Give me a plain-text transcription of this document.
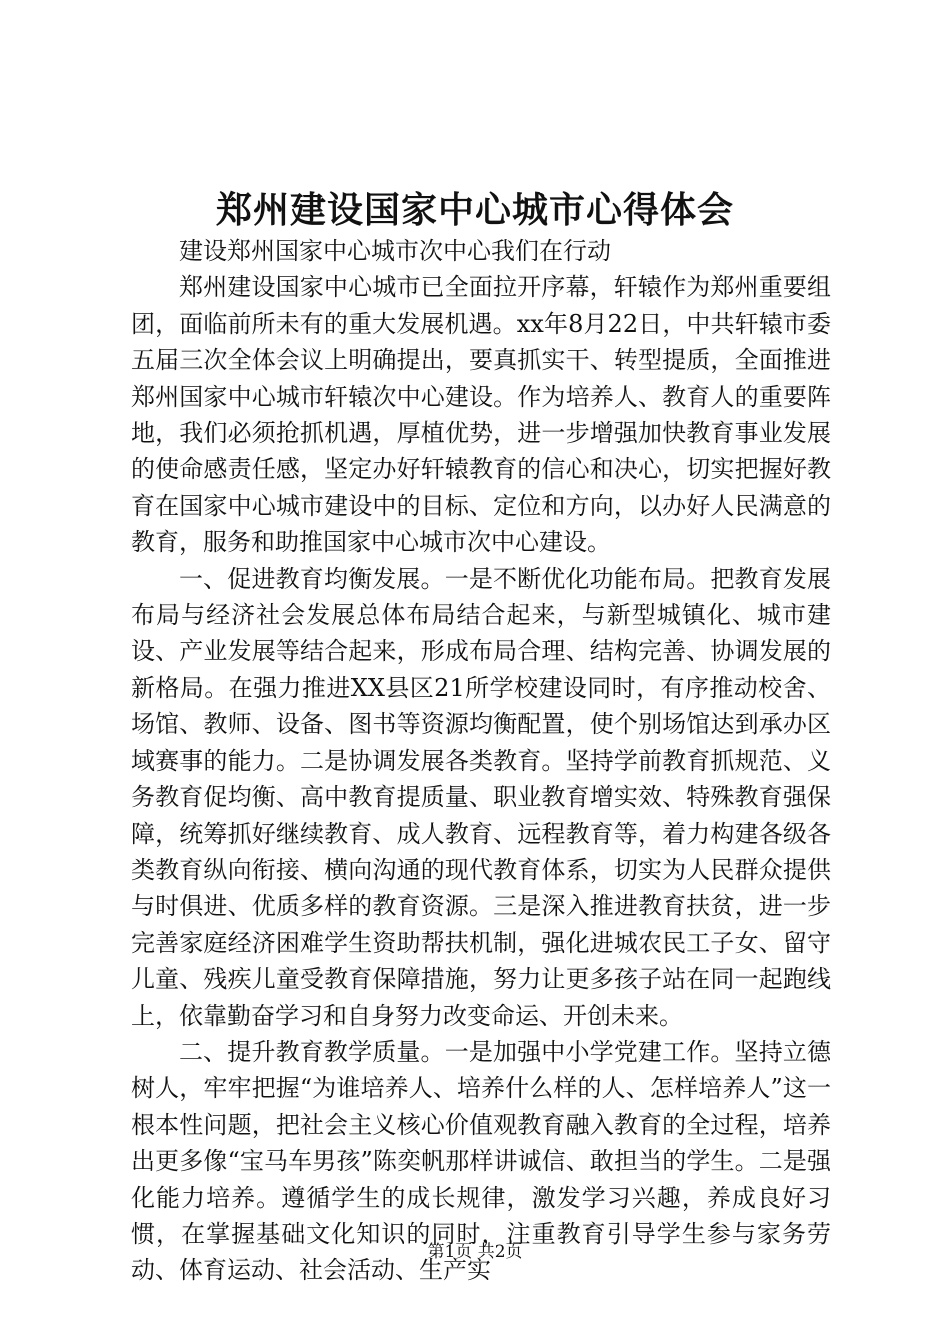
郑州建设国家中心城市心得体会

建设郑州国家中心城市次中心我们在行动

郑州建设国家中心城市已全面拉开序幕，轩辕作为郑州重要组团，面临前所未有的重大发展机遇。xx年8月22日，中共轩辕市委五届三次全体会议上明确提出，要真抓实干、转型提质，全面推进郑州国家中心城市轩辕次中心建设。作为培养人、教育人的重要阵地，我们必须抢抓机遇，厚植优势，进一步增强加快教育事业发展的使命感责任感，坚定办好轩辕教育的信心和决心，切实把握好教育在国家中心城市建设中的目标、定位和方向，以办好人民满意的教育，服务和助推国家中心城市次中心建设。

一、促进教育均衡发展。一是不断优化功能布局。把教育发展布局与经济社会发展总体布局结合起来，与新型城镇化、城市建设、产业发展等结合起来，形成布局合理、结构完善、协调发展的新格局。在强力推进XX县区21所学校建设同时，有序推动校舍、场馆、教师、设备、图书等资源均衡配置，使个别场馆达到承办区域赛事的能力。二是协调发展各类教育。坚持学前教育抓规范、义务教育促均衡、高中教育提质量、职业教育增实效、特殊教育强保障，统筹抓好继续教育、成人教育、远程教育等，着力构建各级各类教育纵向衔接、横向沟通的现代教育体系，切实为人民群众提供与时俱进、优质多样的教育资源。三是深入推进教育扶贫，进一步完善家庭经济困难学生资助帮扶机制，强化进城农民工子女、留守儿童、残疾儿童受教育保障措施，努力让更多孩子站在同一起跑线上，依靠勤奋学习和自身努力改变命运、开创未来。

二、提升教育教学质量。一是加强中小学党建工作。坚持立德树人，牢牢把握“为谁培养人、培养什么样的人、怎样培养人”这一根本性问题，把社会主义核心价值观教育融入教育的全过程，培养出更多像“宝马车男孩”陈奕帆那样讲诚信、敢担当的学生。二是强化能力培养。遵循学生的成长规律，激发学习兴趣，养成良好习惯，在掌握基础文化知识的同时，注重教育引导学生参与家务劳动、体育运动、社会活动、生产实

第1页 共2页
